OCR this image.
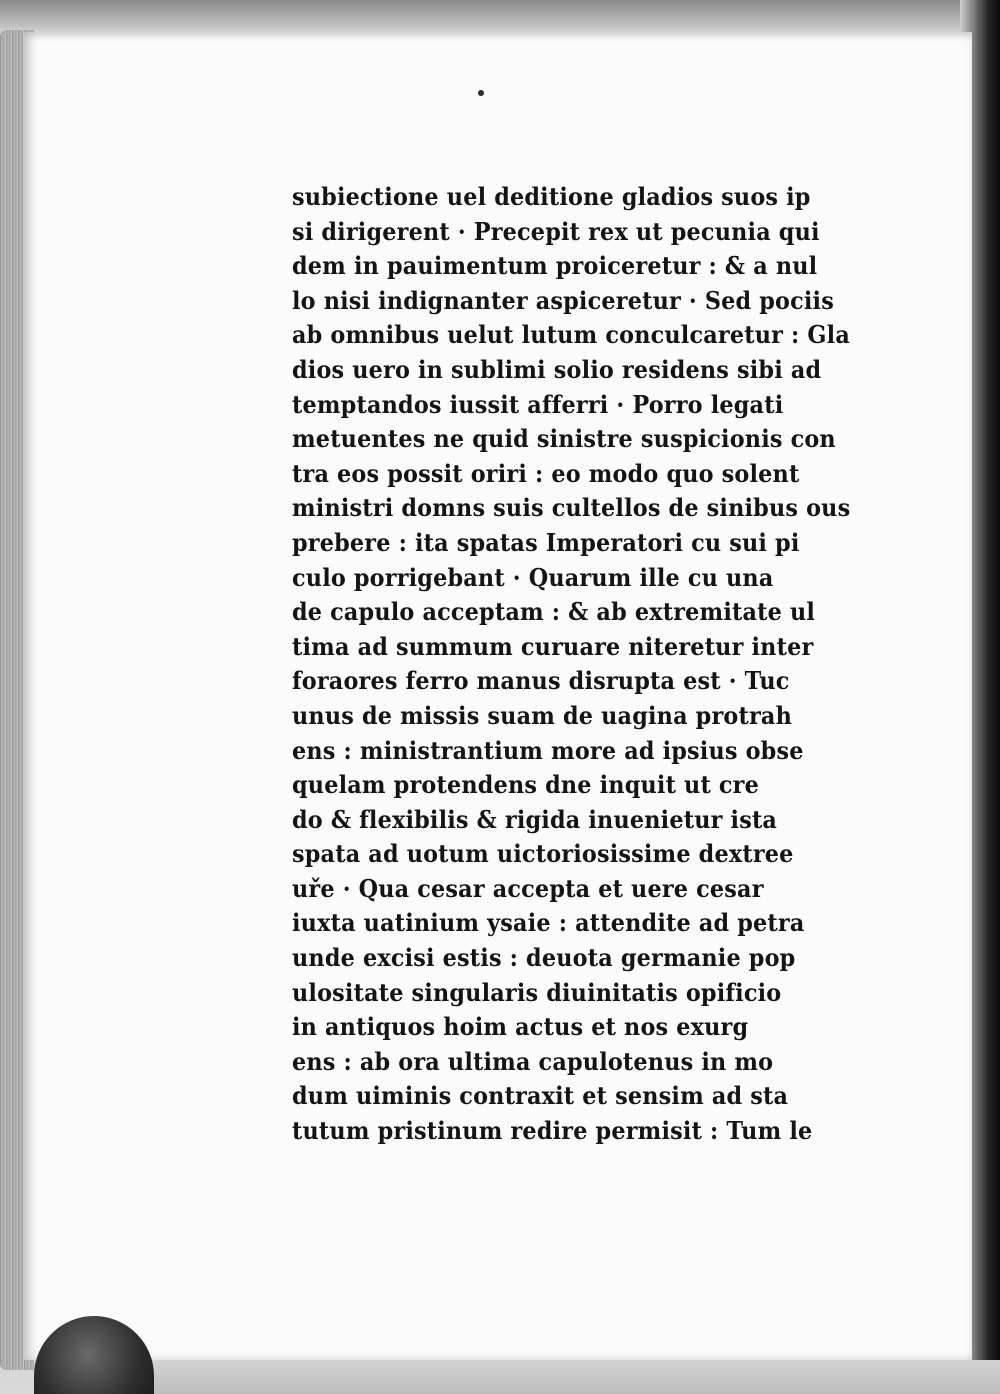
subiectione uel deditione gladios suos ip
si dirigerent · Precepit rex ut pecunia qui
dem in pauimentum proiceretur : & a nul
lo nisi indignanter aspiceretur · Sed pociis
ab omnibus uelut lutum conculcaretur : Gla
dios uero in sublimi solio residens sibi ad
temptandos iussit afferri · Porro legati
metuentes ne quid sinistre suspicionis con
tra eos possit oriri : eo modo quo solent
ministri domns suis cultellos de sinibus ous
prebere : ita spatas Imperatori cu sui pi
culo porrigebant · Quarum ille cu una
de capulo acceptam : & ab extremitate ul
tima ad summum curuare niteretur inter
foraores ferro manus disrupta est · Tuc
unus de missis suam de uagina protrah
ens : ministrantium more ad ipsius obse
quelam protendens dne inquit ut cre
do & flexibilis & rigida inuenietur ista
spata ad uotum uictoriosissime dextree
uře · Qua cesar accepta et uere cesar
iuxta uatinium ysaie : attendite ad petra
unde excisi estis : deuota germanie pop
ulositate singularis diuinitatis opificio
in antiquos hoim actus et nos exurg
ens : ab ora ultima capulotenus in mo
dum uiminis contraxit et sensim ad sta
tutum pristinum redire permisit : Tum le
